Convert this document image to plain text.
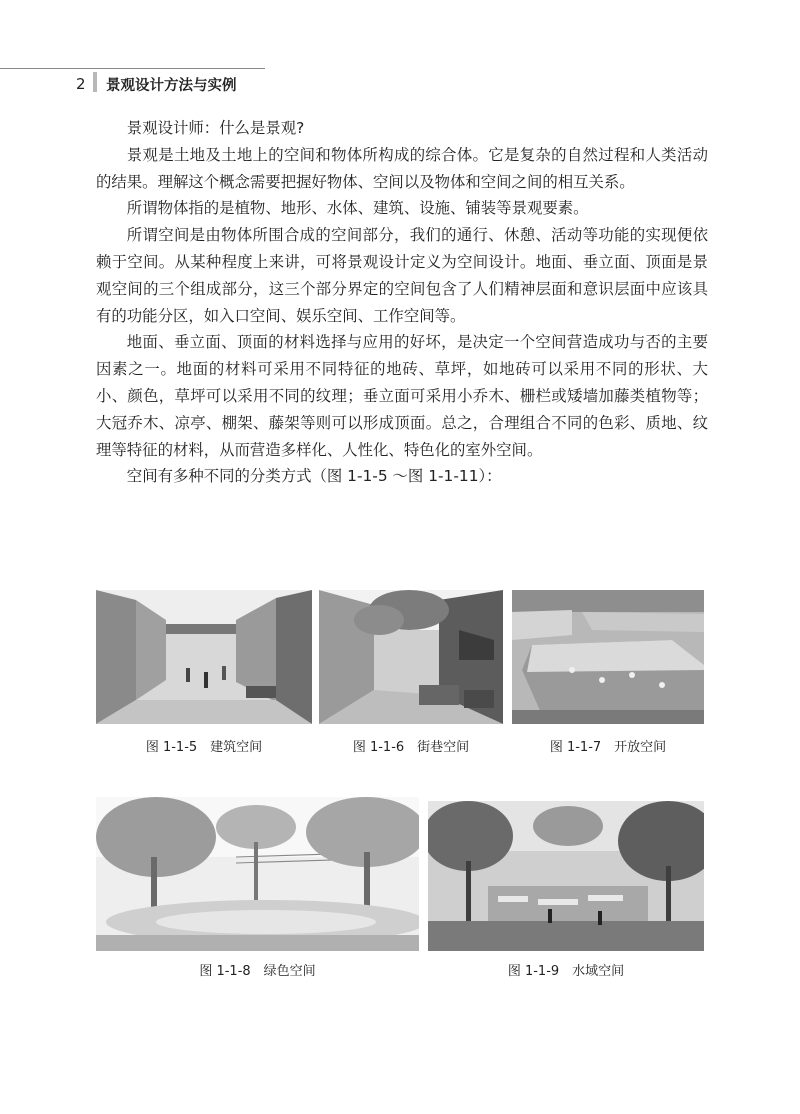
2 景观设计方法与实例

景观设计师：什么是景观?

景观是土地及土地上的空间和物体所构成的综合体。它是复杂的自然过程和人类活动的结果。理解这个概念需要把握好物体、空间以及物体和空间之间的相互关系。

所谓物体指的是植物、地形、水体、建筑、设施、铺装等景观要素。

所谓空间是由物体所围合成的空间部分，我们的通行、休憩、活动等功能的实现便依赖于空间。从某种程度上来讲，可将景观设计定义为空间设计。地面、垂立面、顶面是景观空间的三个组成部分，这三个部分界定的空间包含了人们精神层面和意识层面中应该具有的功能分区，如入口空间、娱乐空间、工作空间等。

地面、垂立面、顶面的材料选择与应用的好坏，是决定一个空间营造成功与否的主要因素之一。地面的材料可采用不同特征的地砖、草坪，如地砖可以采用不同的形状、大小、颜色，草坪可以采用不同的纹理；垂立面可采用小乔木、栅栏或矮墙加藤类植物等；大冠乔木、凉亭、棚架、藤架等则可以形成顶面。总之，合理组合不同的色彩、质地、纹理等特征的材料，从而营造多样化、人性化、特色化的室外空间。

空间有多种不同的分类方式（图 1-1-5 ～图 1-1-11）：

图 1-1-5　建筑空间	图 1-1-6　街巷空间	图 1-1-7　开放空间
图 1-1-8　绿色空间	图 1-1-9　水域空间
